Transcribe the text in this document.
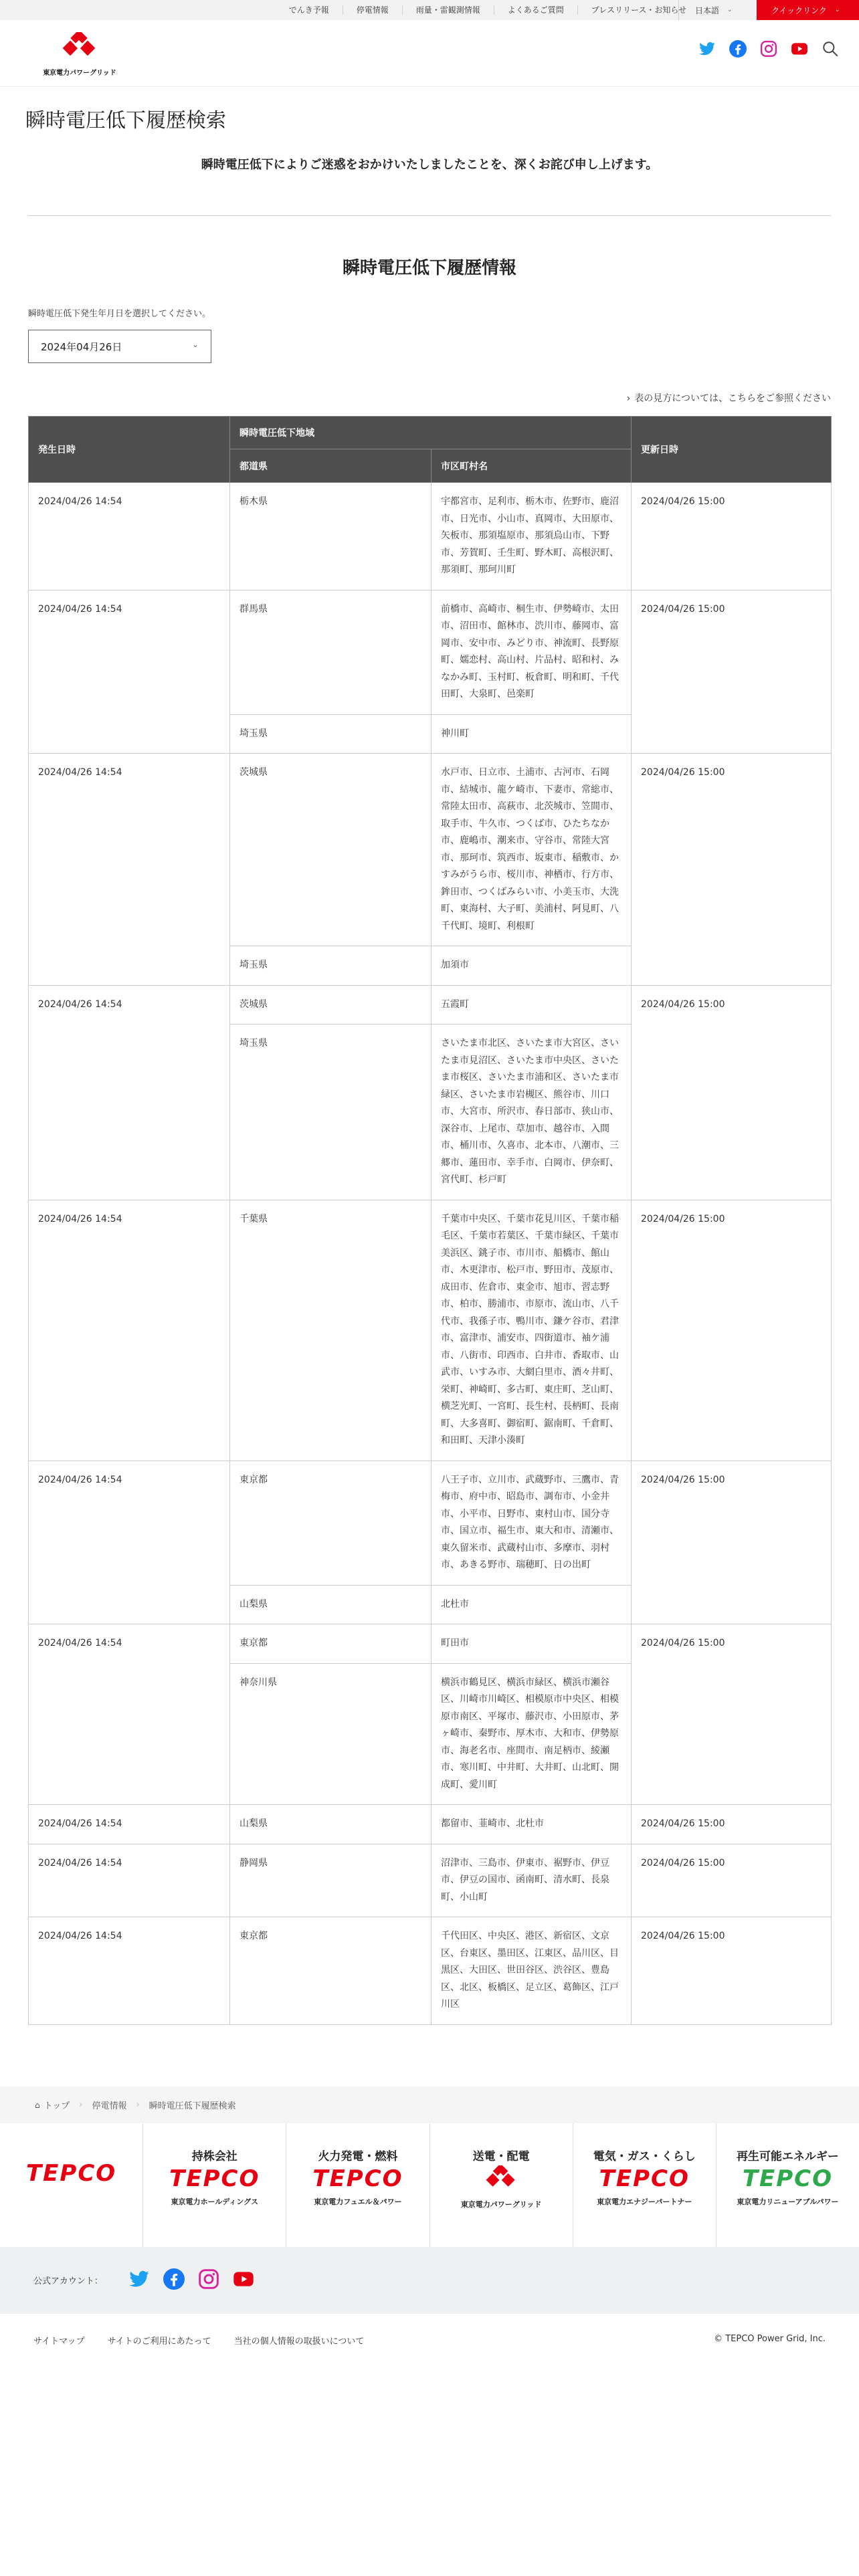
でんき予報	停電情報	雨量・雷観測情報	よくあるご質問	プレスリリース・お知らせ	日本語 ⌄	クイックリンク ⌄
東京電力パワーグリッド
瞬時電圧低下履歴検索
瞬時電圧低下によりご迷惑をおかけいたしましたことを、深くお詫び申し上げます。
瞬時電圧低下履歴情報
瞬時電圧低下発生年月日を選択してください。
2024年04月26日	⌄
› 表の見方については、こちらをご参照ください
発生日時	瞬時電圧低下地域		更新日時
	都道県	市区町村名	
2024/04/26 14:54	栃木県	宇都宮市、足利市、栃木市、佐野市、鹿沼市、日光市、小山市、真岡市、大田原市、矢板市、那須塩原市、那須烏山市、下野市、芳賀町、壬生町、野木町、高根沢町、那須町、那珂川町	2024/04/26 15:00
2024/04/26 14:54	群馬県	前橋市、高崎市、桐生市、伊勢崎市、太田市、沼田市、館林市、渋川市、藤岡市、富岡市、安中市、みどり市、神流町、長野原町、嬬恋村、高山村、片品村、昭和村、みなかみ町、玉村町、板倉町、明和町、千代田町、大泉町、邑楽町	2024/04/26 15:00
	埼玉県	神川町	
2024/04/26 14:54	茨城県	水戸市、日立市、土浦市、古河市、石岡市、結城市、龍ケ崎市、下妻市、常総市、常陸太田市、高萩市、北茨城市、笠間市、取手市、牛久市、つくば市、ひたちなか市、鹿嶋市、潮来市、守谷市、常陸大宮市、那珂市、筑西市、坂東市、稲敷市、かすみがうら市、桜川市、神栖市、行方市、鉾田市、つくばみらい市、小美玉市、大洗町、東海村、大子町、美浦村、阿見町、八千代町、境町、利根町	2024/04/26 15:00
	埼玉県	加須市	
2024/04/26 14:54	茨城県	五霞町	2024/04/26 15:00
	埼玉県	さいたま市北区、さいたま市大宮区、さいたま市見沼区、さいたま市中央区、さいたま市桜区、さいたま市浦和区、さいたま市緑区、さいたま市岩槻区、熊谷市、川口市、大宮市、所沢市、春日部市、狭山市、深谷市、上尾市、草加市、越谷市、入間市、桶川市、久喜市、北本市、八潮市、三郷市、蓮田市、幸手市、白岡市、伊奈町、宮代町、杉戸町	
2024/04/26 14:54	千葉県	千葉市中央区、千葉市花見川区、千葉市稲毛区、千葉市若葉区、千葉市緑区、千葉市美浜区、銚子市、市川市、船橋市、館山市、木更津市、松戸市、野田市、茂原市、成田市、佐倉市、東金市、旭市、習志野市、柏市、勝浦市、市原市、流山市、八千代市、我孫子市、鴨川市、鎌ケ谷市、君津市、富津市、浦安市、四街道市、袖ケ浦市、八街市、印西市、白井市、香取市、山武市、いすみ市、大網白里市、酒々井町、栄町、神崎町、多古町、東庄町、芝山町、横芝光町、一宮町、長生村、長柄町、長南町、大多喜町、御宿町、鋸南町、千倉町、和田町、天津小湊町	2024/04/26 15:00
2024/04/26 14:54	東京都	八王子市、立川市、武蔵野市、三鷹市、青梅市、府中市、昭島市、調布市、小金井市、小平市、日野市、東村山市、国分寺市、国立市、福生市、東大和市、清瀬市、東久留米市、武蔵村山市、多摩市、羽村市、あきる野市、瑞穂町、日の出町	2024/04/26 15:00
	山梨県	北杜市	
2024/04/26 14:54	東京都	町田市	2024/04/26 15:00
	神奈川県	横浜市鶴見区、横浜市緑区、横浜市瀬谷区、川崎市川崎区、相模原市中央区、相模原市南区、平塚市、藤沢市、小田原市、茅ヶ崎市、秦野市、厚木市、大和市、伊勢原市、海老名市、座間市、南足柄市、綾瀬市、寒川町、中井町、大井町、山北町、開成町、愛川町	
2024/04/26 14:54	山梨県	都留市、韮崎市、北杜市	2024/04/26 15:00
2024/04/26 14:54	静岡県	沼津市、三島市、伊東市、裾野市、伊豆市、伊豆の国市、函南町、清水町、長泉町、小山町	2024/04/26 15:00
2024/04/26 14:54	東京都	千代田区、中央区、港区、新宿区、文京区、台東区、墨田区、江東区、品川区、目黒区、大田区、世田谷区、渋谷区、豊島区、北区、板橋区、足立区、葛飾区、江戸川区	2024/04/26 15:00
⌂ トップ › 停電情報 › 瞬時電圧低下履歴検索
TEPCO
持株会社
TEPCO
東京電力ホールディングス
火力発電・燃料
TEPCO
東京電力フュエル＆パワー
送電・配電
東京電力パワーグリッド
電気・ガス・くらし
TEPCO
東京電力エナジーパートナー
再生可能エネルギー
TEPCO
東京電力リニューアブルパワー
公式アカウント：
サイトマップ	サイトのご利用にあたって	当社の個人情報の取扱いについて	© TEPCO Power Grid, Inc.
